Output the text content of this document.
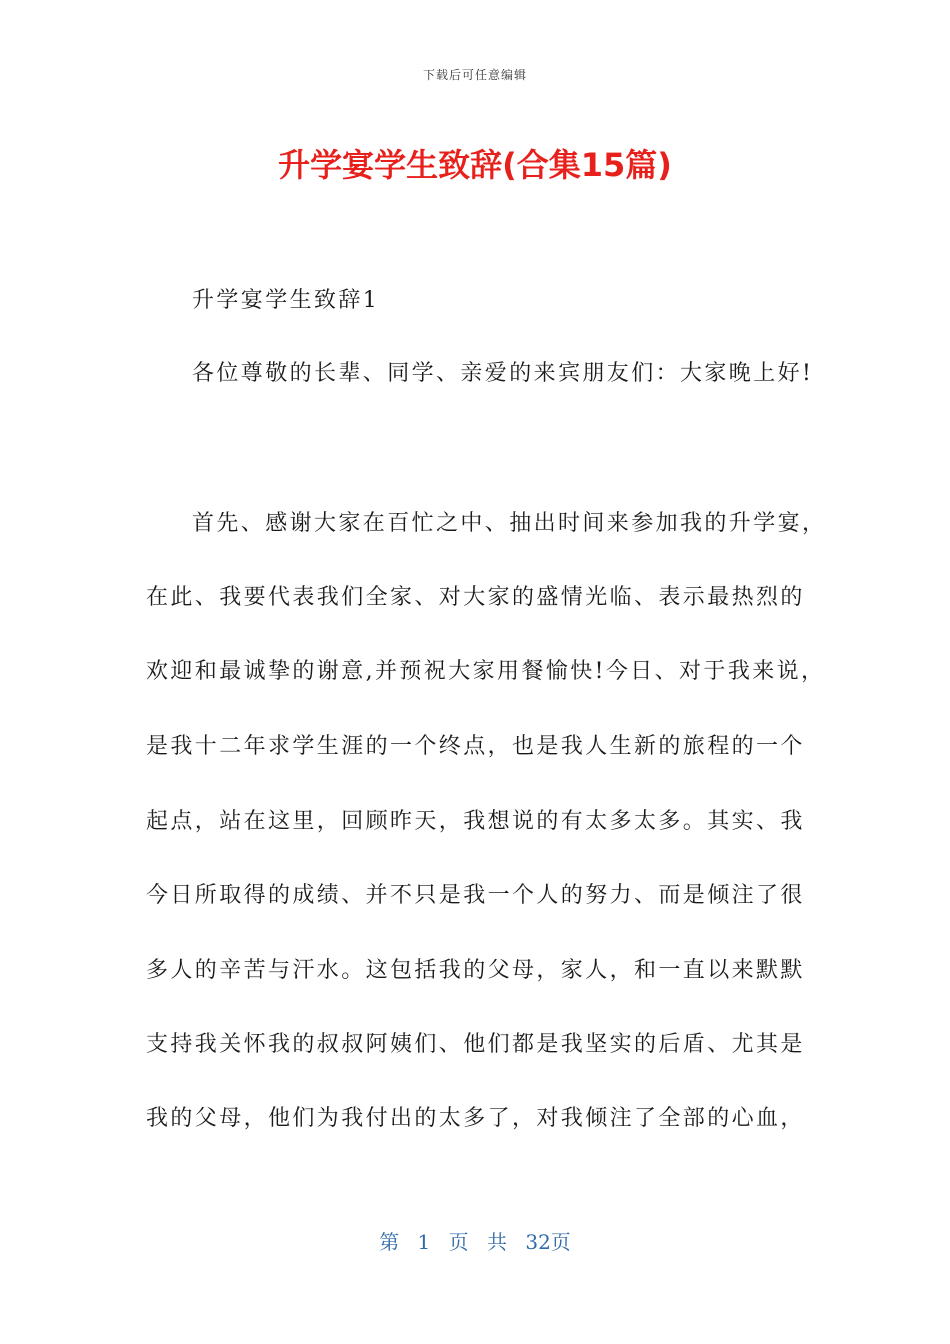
下载后可任意编辑
升学宴学生致辞(合集15篇)

升学宴学生致辞1

各位尊敬的长辈、同学、亲爱的来宾朋友们：大家晚上好!

首先、感谢大家在百忙之中、抽出时间来参加我的升学宴，

在此、我要代表我们全家、对大家的盛情光临、表示最热烈的

欢迎和最诚挚的谢意,并预祝大家用餐愉快!今日、对于我来说，

是我十二年求学生涯的一个终点，也是我人生新的旅程的一个

起点，站在这里，回顾昨天，我想说的有太多太多。其实、我

今日所取得的成绩、并不只是我一个人的努力、而是倾注了很

多人的辛苦与汗水。这包括我的父母，家人，和一直以来默默

支持我关怀我的叔叔阿姨们、他们都是我坚实的后盾、尤其是

我的父母，他们为我付出的太多了，对我倾注了全部的心血，

第 1 页 共 32页
